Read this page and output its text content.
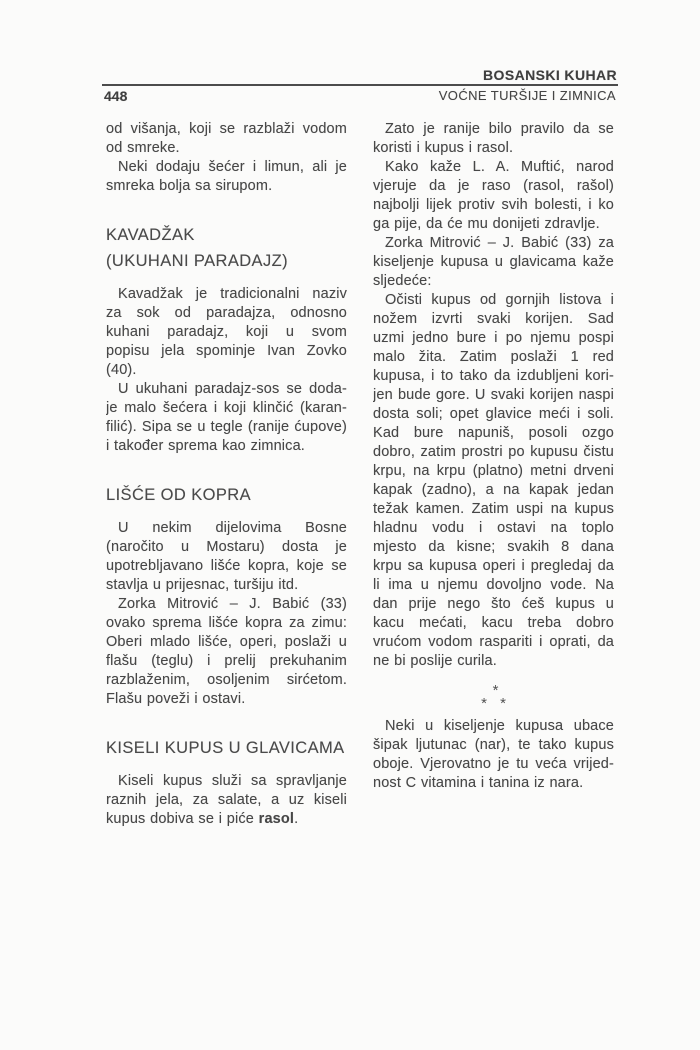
BOSANSKI KUHAR
448	VOĆNE TURŠIJE I ZIMNICA
od višanja, koji se razblaži vodom
od smreke.
Neki dodaju šećer i limun, ali je
smreka bolja sa sirupom.
KAVADŽAK
(UKUHANI PARADAJZ)
Kavadžak je tradicionalni naziv
za sok od paradajza, odnosno
kuhani paradajz, koji u svom
popisu jela spominje Ivan Zovko
(40).
U ukuhani paradajz-sos se doda-
je malo šećera i koji klinčić (karan-
filić). Sipa se u tegle (ranije ćupove)
i također sprema kao zimnica.
LIŠĆE OD KOPRA
U nekim dijelovima Bosne
(naročito u Mostaru) dosta je
upotrebljavano lišće kopra, koje se
stavlja u prijesnac, turšiju itd.
Zorka Mitrović – J. Babić (33)
ovako sprema lišće kopra za zimu:
Oberi mlado lišće, operi, poslaži u
flašu (teglu) i prelij prekuhanim
razblaženim, osoljenim sirćetom.
Flašu poveži i ostavi.
KISELI KUPUS U GLAVICAMA
Kiseli kupus služi sa spravljanje
raznih jela, za salate, a uz kiseli
kupus dobiva se i piće rasol.
Zato je ranije bilo pravilo da se
koristi i kupus i rasol.
Kako kaže L. A. Muftić, narod
vjeruje da je raso (rasol, rašol)
najbolji lijek protiv svih bolesti, i ko
ga pije, da će mu donijeti zdravlje.
Zorka Mitrović – J. Babić (33) za
kiseljenje kupusa u glavicama kaže
sljedeće:
Očisti kupus od gornjih listova i
nožem izvrti svaki korijen. Sad
uzmi jedno bure i po njemu pospi
malo žita. Zatim poslaži 1 red
kupusa, i to tako da izdubljeni kori-
jen bude gore. U svaki korijen naspi
dosta soli; opet glavice meći i soli.
Kad bure napuniš, posoli ozgo
dobro, zatim prostri po kupusu čistu
krpu, na krpu (platno) metni drveni
kapak (zadno), a na kapak jedan
težak kamen. Zatim uspi na kupus
hladnu vodu i ostavi na toplo
mjesto da kisne; svakih 8 dana
krpu sa kupusa operi i pregledaj da
li ima u njemu dovoljno vode. Na
dan prije nego što ćeš kupus u
kacu mećati, kacu treba dobro
vrućom vodom raspariti i oprati, da
ne bi poslije curila.
*
* *
Neki u kiseljenje kupusa ubace
šipak ljutunac (nar), te tako kupus
oboje. Vjerovatno je tu veća vrijed-
nost C vitamina i tanina iz nara.
